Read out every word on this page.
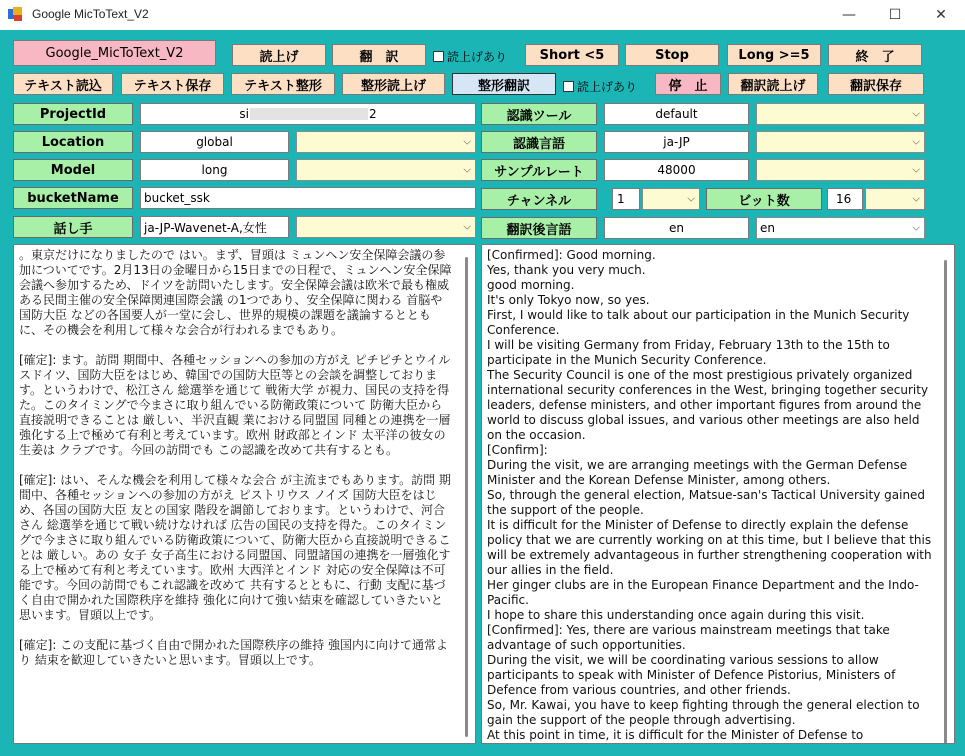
Google MicToText_V2	— ☐ ✕
Google_MicToText_V2	読上げ	翻　訳	読上げあり	Short <5	Stop	Long >=5	終　了
テキスト読込	テキスト保存	テキスト整形	整形読上げ	整形翻訳	読上げあり	停　止	翻訳読上げ	翻訳保存
ProjectId	si	2
Location	global	⌵
Model	long	⌵
bucketName	bucket_ssk
話し手	ja-JP-Wavenet-A,女性	⌵
認識ツール	default	⌵
認識言語	ja-JP	⌵
サンプルレート	48000	⌵
チャンネル	1	⌵	ビット数	16	⌵
翻訳後言語	en	en	⌵
。東京だけになりましたので はい。まず、冒頭は ミュンヘン安全保障会議の参加についてです。2月13日の金曜日から15日までの日程で、ミュンヘン安全保障会議へ参加するため、ドイツを訪問いたします。安全保障会議は欧米で最も権威ある民間主催の安全保障関連国際会議 の1つであり、安全保障に関わる 首脳や 国防大臣 などの各国要人が一堂に会し、世界的規模の課題を議論するとともに、その機会を利用して様々な会合が行われるまでもあり。

[確定]: ます。訪問 期間中、各種セッションへの参加の方がえ ピチピチとウイルスドイツ、国防大臣をはじめ、韓国での国防大臣等との会談を調整しております。というわけで、松江さん 総選挙を通じて 戦術大学 が視力、国民の支持を得た。このタイミングで今まさに取り組んでいる防衛政策について 防衛大臣から直接説明できることは 厳しい、半沢直観 業における同盟国 同種との連携を一層強化する上で極めて有利と考えています。欧州 財政部とインド 太平洋の彼女の生姜は クラブです。今回の訪問でも この認識を改めて共有するとも。

[確定]: はい、そんな機会を利用して様々な会合 が主流までもあります。訪問 期間中、各種セッションへの参加の方がえ ピストリウス ノイズ 国防大臣をはじめ、各国の国防大臣 友との国家 階段を調節しております。というわけで、河合さん 総選挙を通じて戦い続けなければ 広告の国民の支持を得た。このタイミングで今まさに取り組んでいる防衛政策について、防衛大臣から直接説明できることは 厳しい。あの 女子 女子高生における同盟国、同盟諸国の連携を一層強化する上で極めて有利と考えています。欧州 大西洋とインド 対応の安全保障は不可能です。今回の訪問でもこれ認識を改めて 共有するとともに、行動 支配に基づく自由で開かれた国際秩序を維持 強化に向けて強い結束を確認していきたいと思います。冒頭以上です。

[確定]: この支配に基づく自由で開かれた国際秩序の維持 強国内に向けて通常より 結束を歓迎していきたいと思います。冒頭以上です。
[Confirmed]: Good morning.
Yes, thank you very much.
good morning.
It's only Tokyo now, so yes.
First, I would like to talk about our participation in the Munich Security Conference.
I will be visiting Germany from Friday, February 13th to the 15th to participate in the Munich Security Conference.
The Security Council is one of the most prestigious privately organized international security conferences in the West, bringing together security leaders, defense ministers, and other important figures from around the world to discuss global issues, and various other meetings are also held on the occasion.
[Confirm]:
During the visit, we are arranging meetings with the German Defense Minister and the Korean Defense Minister, among others.
So, through the general election, Matsue-san's Tactical University gained the support of the people.
It is difficult for the Minister of Defense to directly explain the defense policy that we are currently working on at this time, but I believe that this will be extremely advantageous in further strengthening cooperation with our allies in the field.
Her ginger clubs are in the European Finance Department and the Indo-Pacific.
I hope to share this understanding once again during this visit.
[Confirmed]: Yes, there are various mainstream meetings that take advantage of such opportunities.
During the visit, we will be coordinating various sessions to allow participants to speak with Minister of Defence Pistorius, Ministers of Defence from various countries, and other friends.
So, Mr. Kawai, you have to keep fighting through the general election to gain the support of the people through advertising.
At this point in time, it is difficult for the Minister of Defense to
